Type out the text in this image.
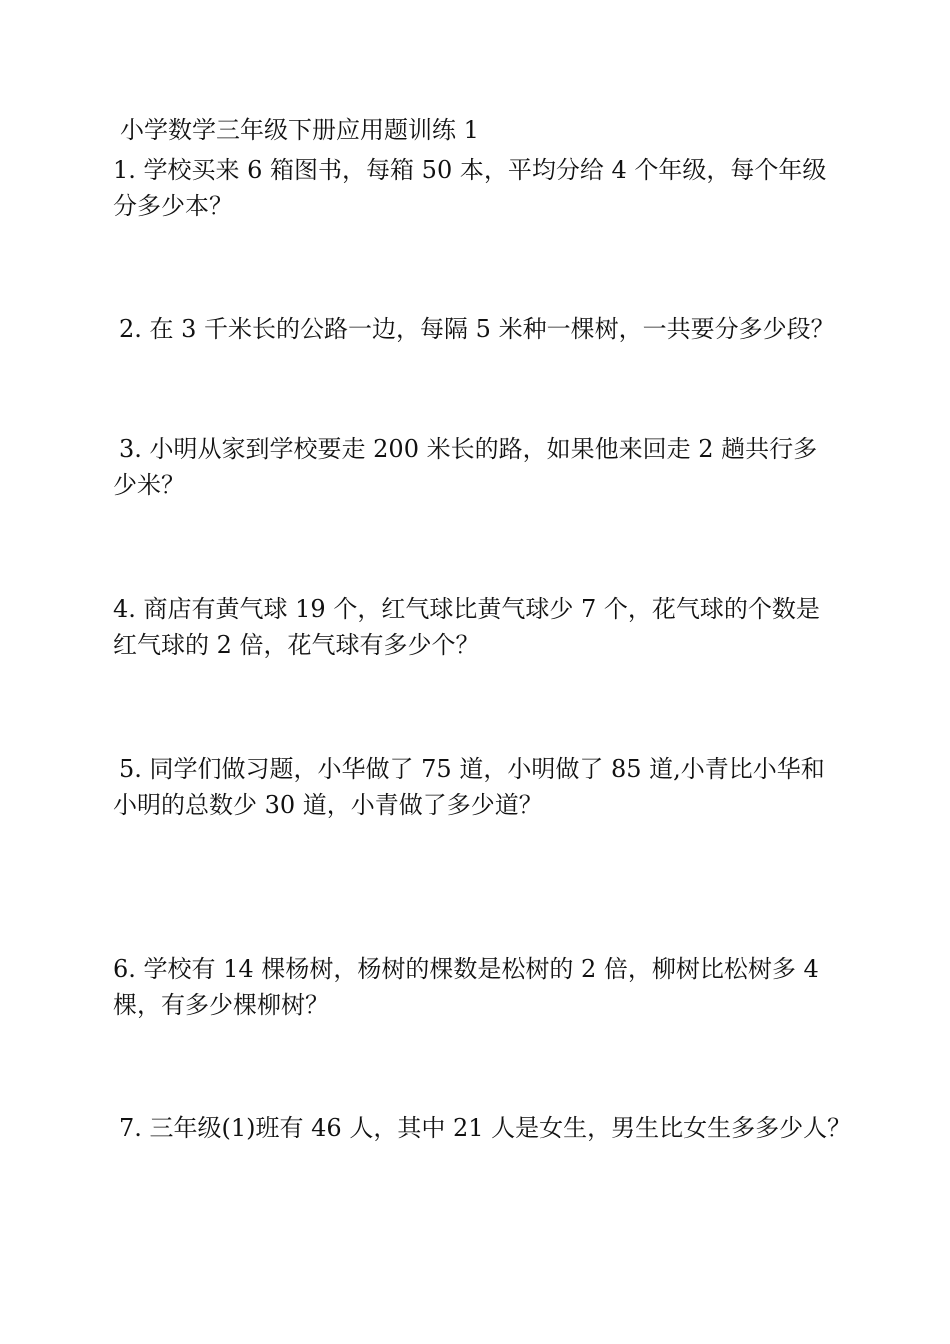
小学数学三年级下册应用题训练 1
1. 学校买来 6 箱图书，每箱 50 本，平均分给 4 个年级，每个年级
分多少本？
2. 在 3 千米长的公路一边，每隔 5 米种一棵树，一共要分多少段？
3. 小明从家到学校要走 200 米长的路，如果他来回走 2 趟共行多
少米？
4. 商店有黄气球 19 个，红气球比黄气球少 7 个，花气球的个数是
红气球的 2 倍，花气球有多少个？
5. 同学们做习题，小华做了 75 道，小明做了 85 道,小青比小华和
小明的总数少 30 道，小青做了多少道？
6. 学校有 14 棵杨树，杨树的棵数是松树的 2 倍，柳树比松树多 4
棵，有多少棵柳树？
7. 三年级(1)班有 46 人，其中 21 人是女生，男生比女生多多少人？
